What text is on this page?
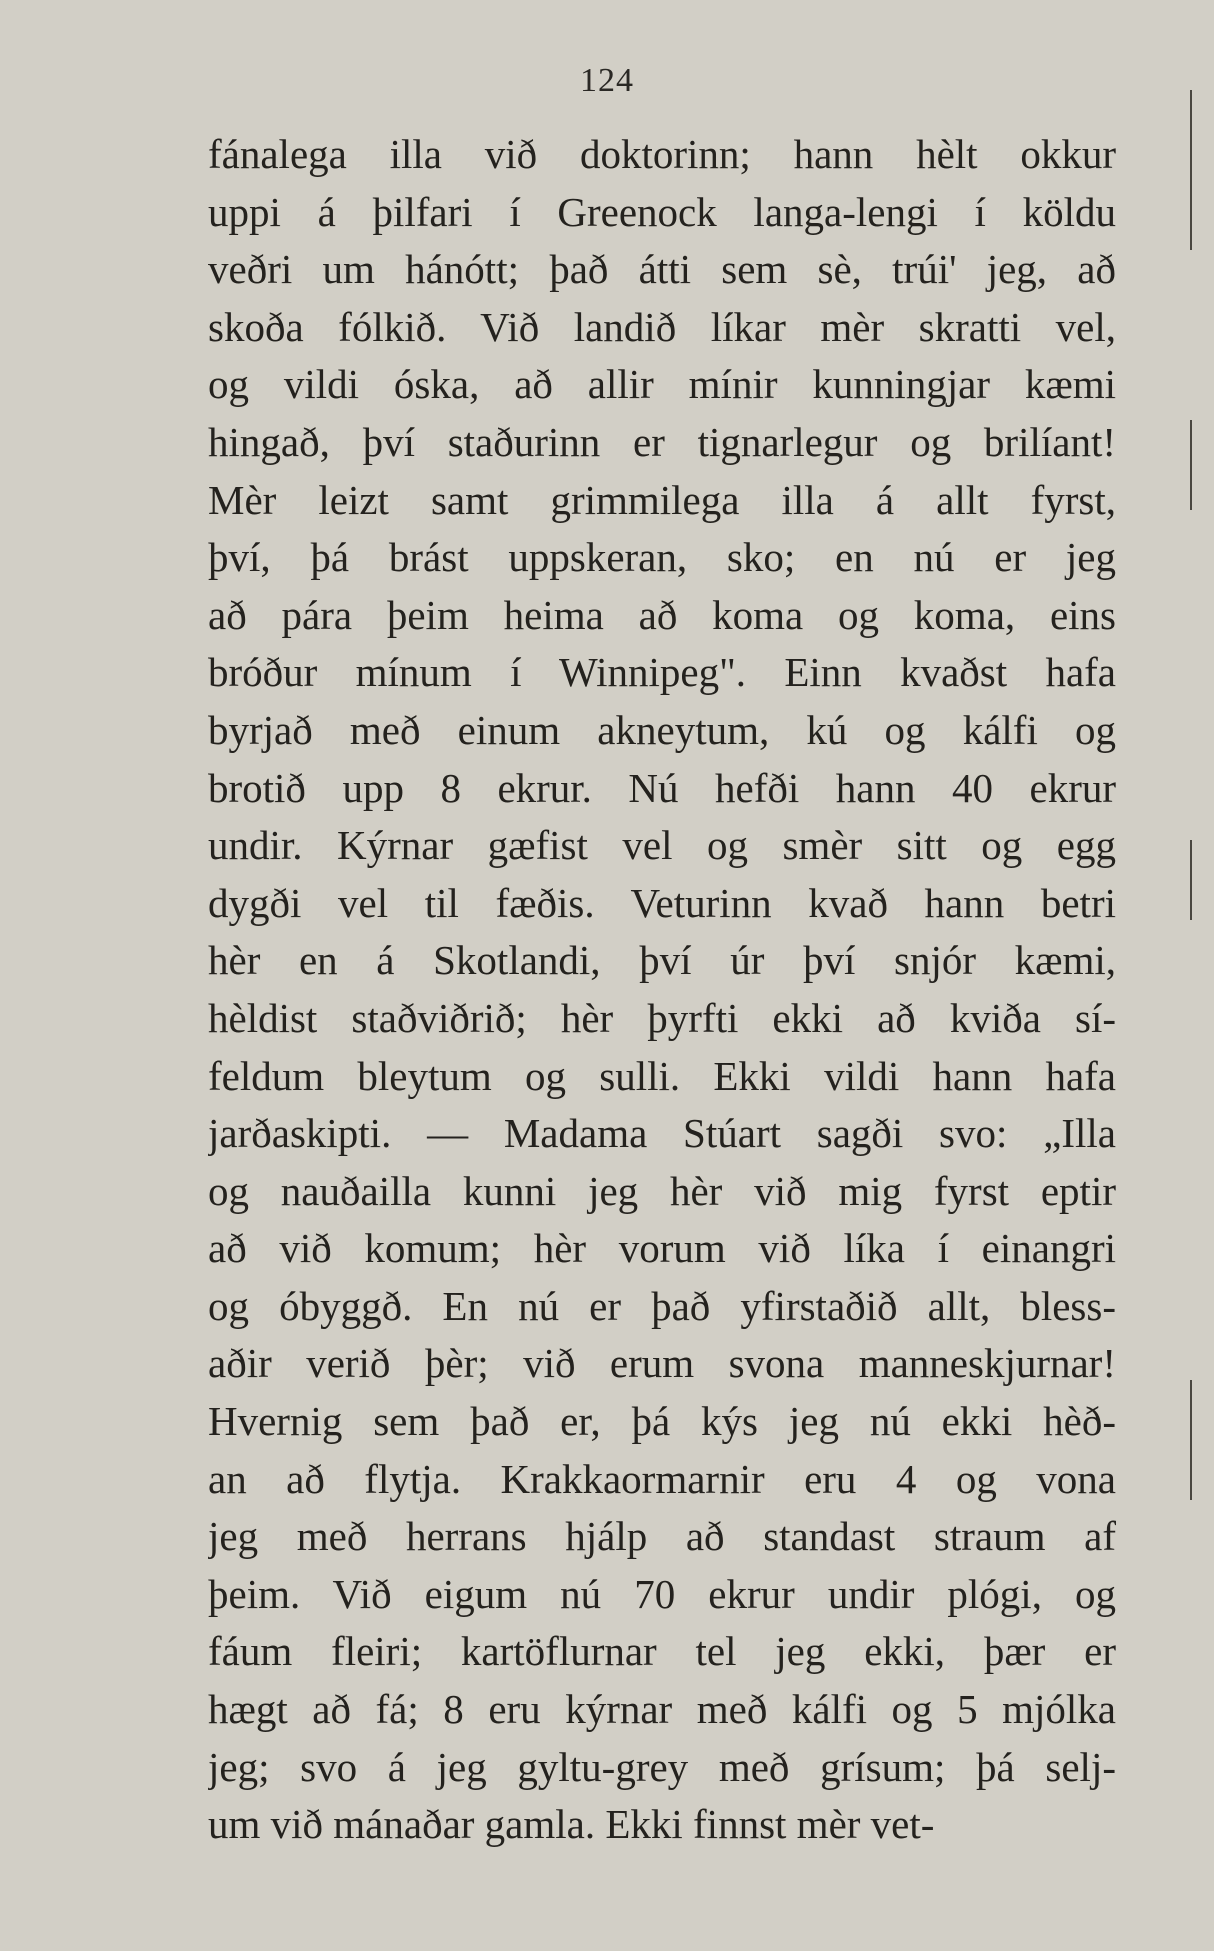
124
fánalega illa við doktorinn; hann hèlt okkur
uppi á þilfari í Greenock langa-lengi í köldu
veðri um hánótt; það átti sem sè, trúi' jeg, að
skoða fólkið. Við landið líkar mèr skratti vel,
og vildi óska, að allir mínir kunningjar kæmi
hingað, því staðurinn er tignarlegur og brilíant!
Mèr leizt samt grimmilega illa á allt fyrst,
því, þá brást uppskeran, sko; en nú er jeg
að pára þeim heima að koma og koma, eins
bróður mínum í Winnipeg". Einn kvaðst hafa
byrjað með einum akneytum, kú og kálfi og
brotið upp 8 ekrur. Nú hefði hann 40 ekrur
undir. Kýrnar gæfist vel og smèr sitt og egg
dygði vel til fæðis. Veturinn kvað hann betri
hèr en á Skotlandi, því úr því snjór kæmi,
hèldist staðviðrið; hèr þyrfti ekki að kviða sí-
feldum bleytum og sulli. Ekki vildi hann hafa
jarðaskipti. — Madama Stúart sagði svo: „Illa
og nauðailla kunni jeg hèr við mig fyrst eptir
að við komum; hèr vorum við líka í einangri
og óbyggð. En nú er það yfirstaðið allt, bless-
aðir verið þèr; við erum svona manneskjurnar!
Hvernig sem það er, þá kýs jeg nú ekki hèð-
an að flytja. Krakkaormarnir eru 4 og vona
jeg með herrans hjálp að standast straum af
þeim. Við eigum nú 70 ekrur undir plógi, og
fáum fleiri; kartöflurnar tel jeg ekki, þær er
hægt að fá; 8 eru kýrnar með kálfi og 5 mjólka
jeg; svo á jeg gyltu-grey með grísum; þá selj-
um við mánaðar gamla. Ekki finnst mèr vet-
